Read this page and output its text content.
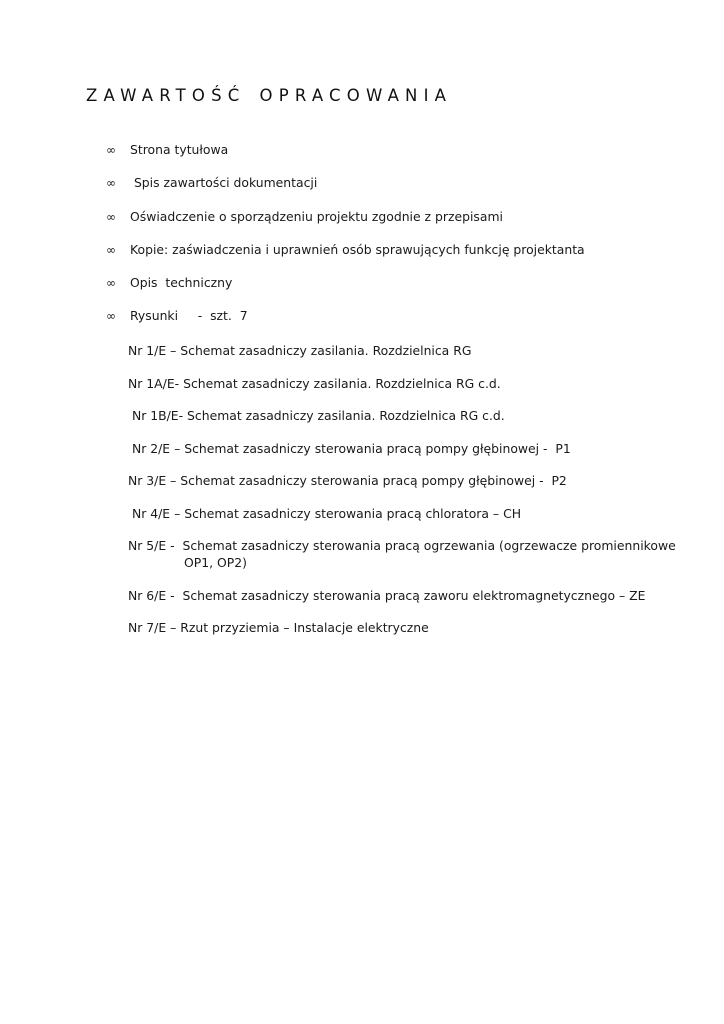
ZAWARTOŚĆ OPRACOWANIA
∞	Strona tytułowa
∞	Spis zawartości dokumentacji
∞	Oświadczenie o sporządzeniu projektu zgodnie z przepisami
∞	Kopie: zaświadczenia i uprawnień osób sprawujących funkcję projektanta
∞	Opis  techniczny
∞	Rysunki     -  szt.  7
Nr 1/E – Schemat zasadniczy zasilania. Rozdzielnica RG
Nr 1A/E- Schemat zasadniczy zasilania. Rozdzielnica RG c.d.
Nr 1B/E- Schemat zasadniczy zasilania. Rozdzielnica RG c.d.
Nr 2/E – Schemat zasadniczy sterowania pracą pompy głębinowej -  P1
Nr 3/E – Schemat zasadniczy sterowania pracą pompy głębinowej -  P2
Nr 4/E – Schemat zasadniczy sterowania pracą chloratora – CH
Nr 5/E -  Schemat zasadniczy sterowania pracą ogrzewania (ogrzewacze promiennikowe
OP1, OP2)
Nr 6/E -  Schemat zasadniczy sterowania pracą zaworu elektromagnetycznego – ZE
Nr 7/E – Rzut przyziemia – Instalacje elektryczne
